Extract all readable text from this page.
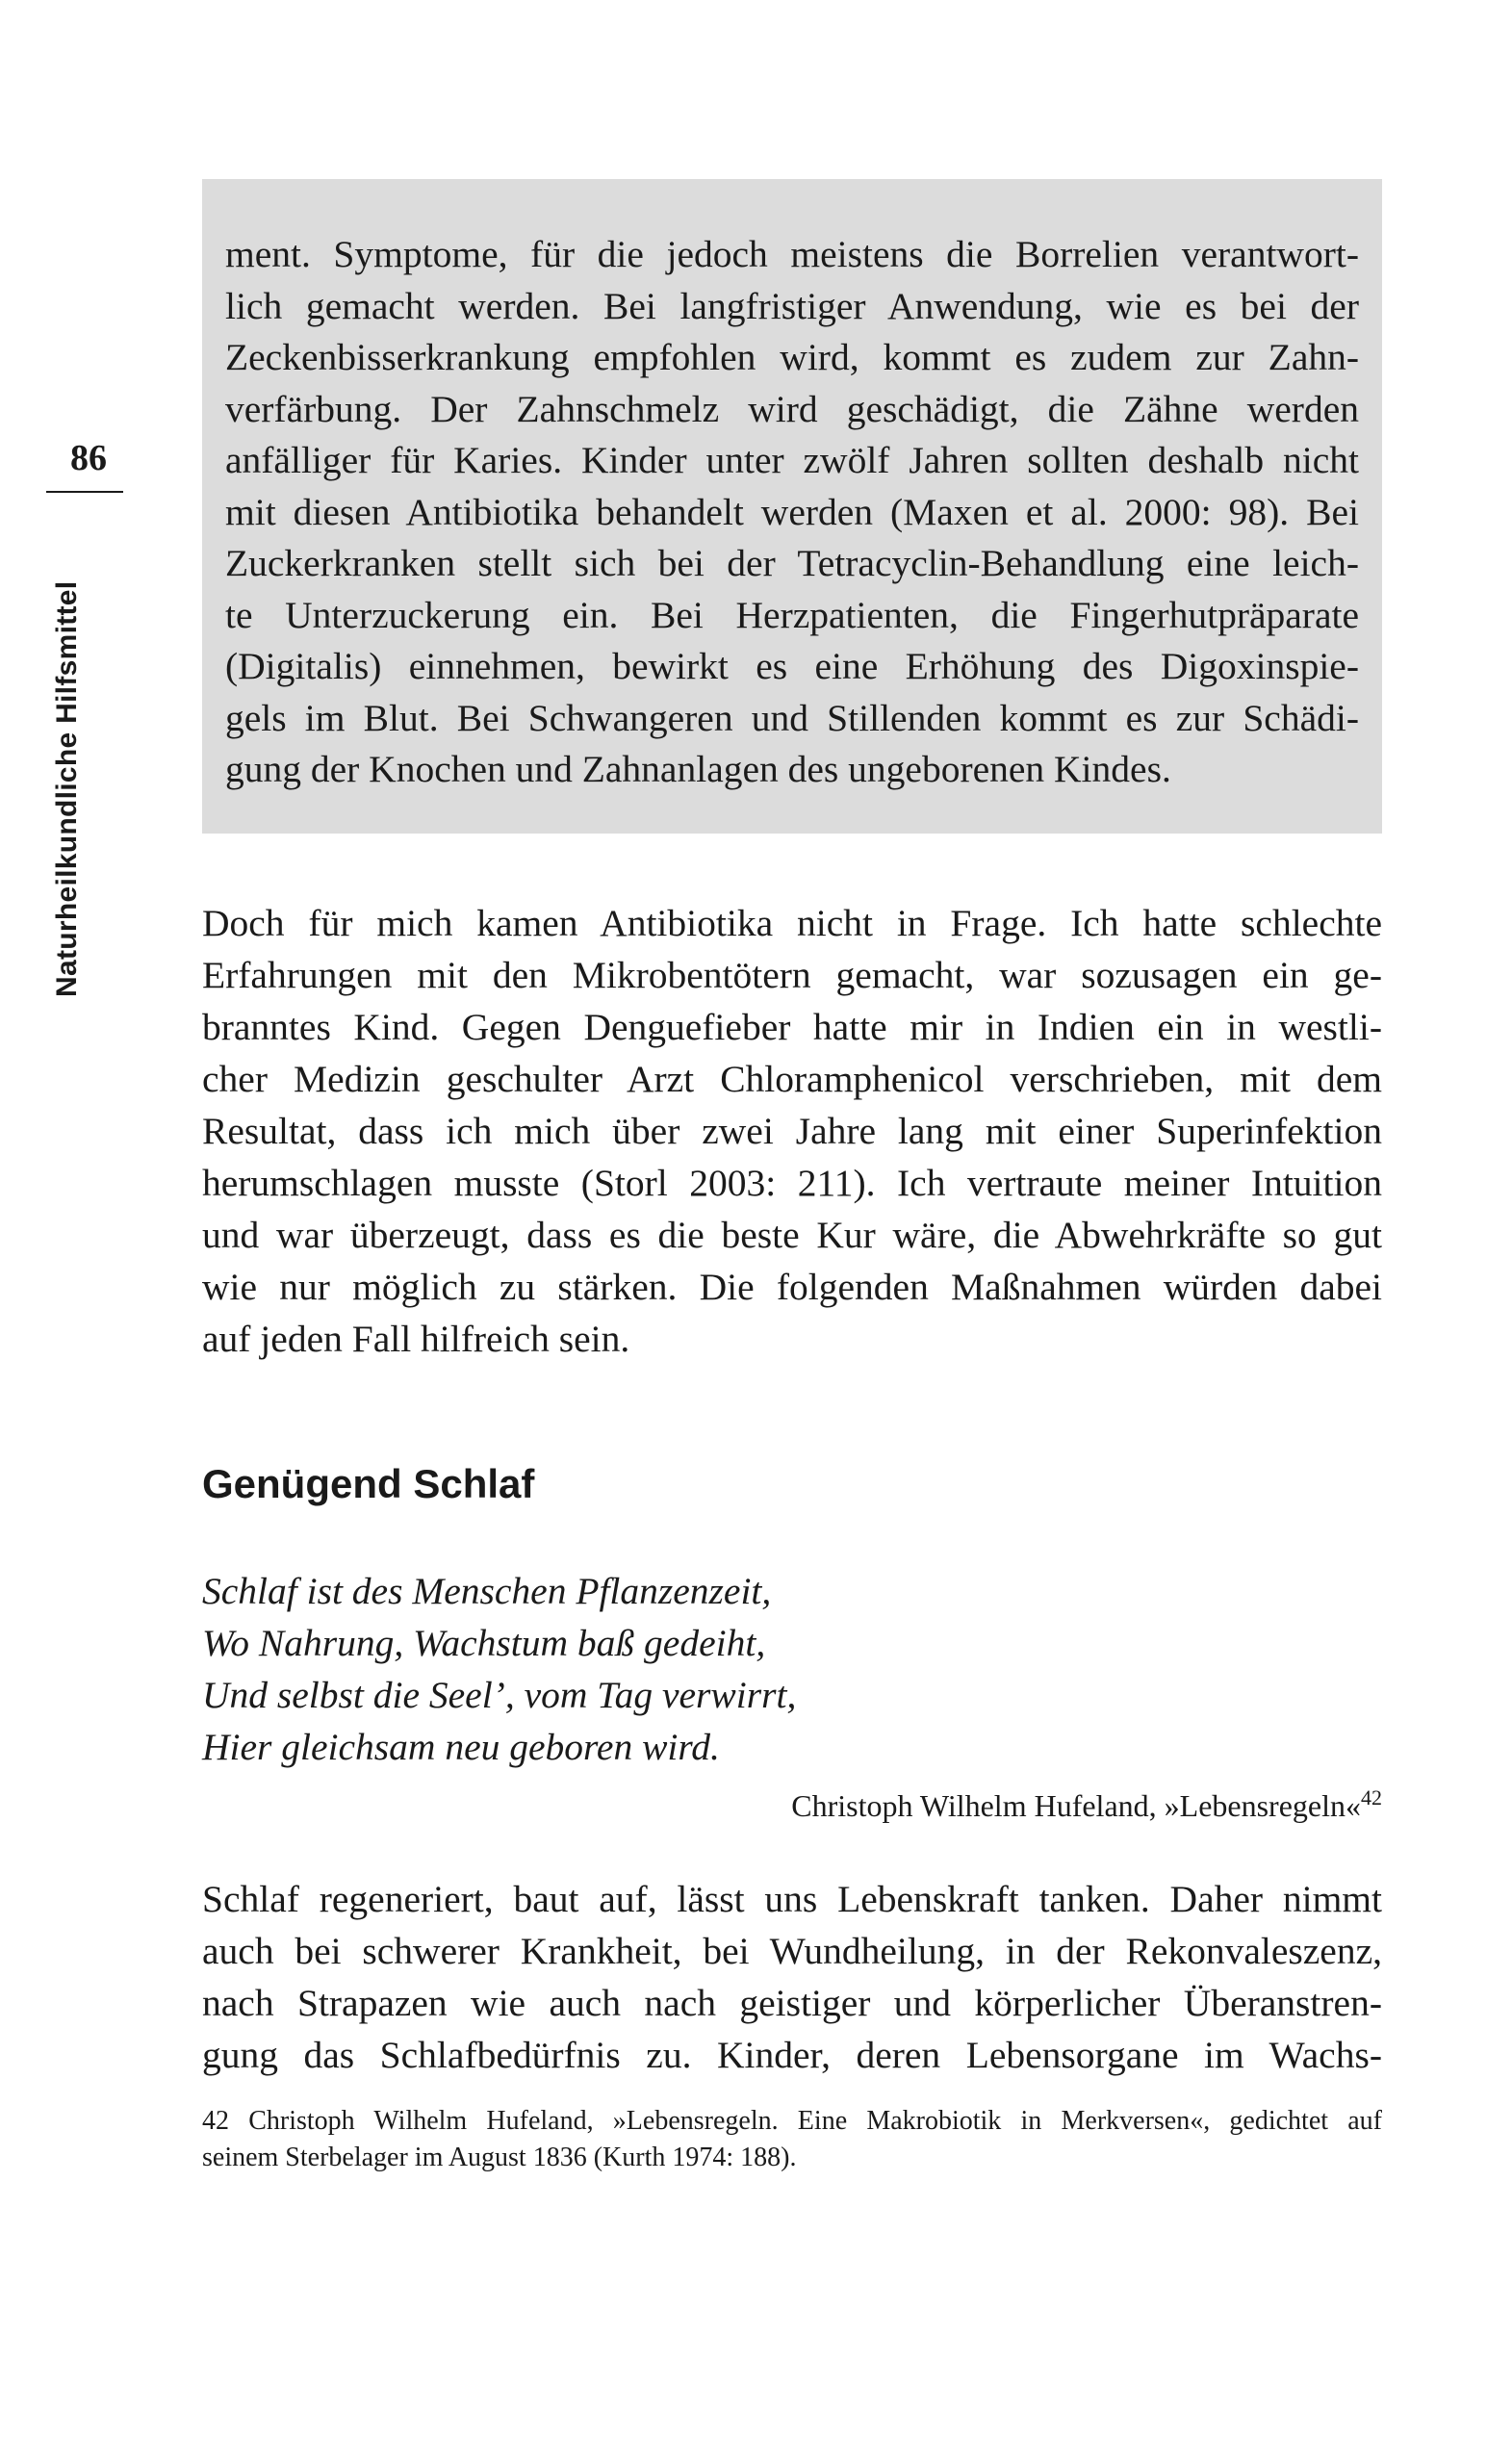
86
Naturheilkundliche Hilfsmittel
ment. Symptome, für die jedoch meistens die Borrelien verantwort-
lich gemacht werden. Bei langfristiger Anwendung, wie es bei der
Zeckenbisserkrankung empfohlen wird, kommt es zudem zur Zahn-
verfärbung. Der Zahnschmelz wird geschädigt, die Zähne werden
anfälliger für Karies. Kinder unter zwölf Jahren sollten deshalb nicht
mit diesen Antibiotika behandelt werden (Maxen et al. 2000: 98). Bei
Zuckerkranken stellt sich bei der Tetracyclin-Behandlung eine leich-
te Unterzuckerung ein. Bei Herzpatienten, die Fingerhutpräparate
(Digitalis) einnehmen, bewirkt es eine Erhöhung des Digoxinspie-
gels im Blut. Bei Schwangeren und Stillenden kommt es zur Schädi-
gung der Knochen und Zahnanlagen des ungeborenen Kindes.
Doch für mich kamen Antibiotika nicht in Frage. Ich hatte schlechte
Erfahrungen mit den Mikrobentötern gemacht, war sozusagen ein ge-
branntes Kind. Gegen Denguefieber hatte mir in Indien ein in westli-
cher Medizin geschulter Arzt Chloramphenicol verschrieben, mit dem
Resultat, dass ich mich über zwei Jahre lang mit einer Superinfektion
herumschlagen musste (Storl 2003: 211). Ich vertraute meiner Intuition
und war überzeugt, dass es die beste Kur wäre, die Abwehrkräfte so gut
wie nur möglich zu stärken. Die folgenden Maßnahmen würden dabei
auf jeden Fall hilfreich sein.
Genügend Schlaf
Schlaf ist des Menschen Pflanzenzeit,
Wo Nahrung, Wachstum baß gedeiht,
Und selbst die Seel’, vom Tag verwirrt,
Hier gleichsam neu geboren wird.
Christoph Wilhelm Hufeland, »Lebensregeln«$^{42}$
Schlaf regeneriert, baut auf, lässt uns Lebenskraft tanken. Daher nimmt
auch bei schwerer Krankheit, bei Wundheilung, in der Rekonvaleszenz,
nach Strapazen wie auch nach geistiger und körperlicher Überanstren-
gung das Schlafbedürfnis zu. Kinder, deren Lebensorgane im Wachs-
42 Christoph Wilhelm Hufeland, »Lebensregeln. Eine Makrobiotik in Merkversen«, gedichtet auf
seinem Sterbelager im August 1836 (Kurth 1974: 188).
